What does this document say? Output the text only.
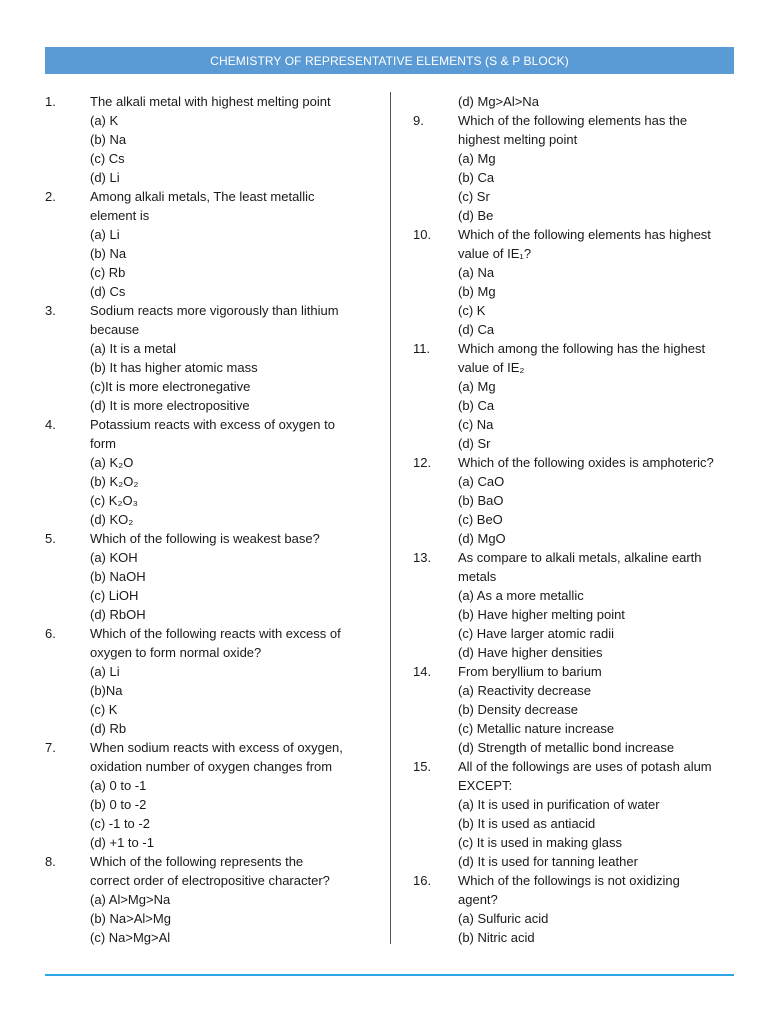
CHEMISTRY OF REPRESENTATIVE ELEMENTS (S & P BLOCK)
1.	The alkali metal with highest melting point
(a) K
(b) Na
(c) Cs
(d) Li
2.	Among alkali metals, The least metallic
element is
(a) Li
(b) Na
(c) Rb
(d) Cs
3.	Sodium reacts more vigorously than lithium
because
(a) It is a metal
(b) It has higher atomic mass
(c)It is more electronegative
(d) It is more electropositive
4.	Potassium reacts with excess of oxygen to
form
(a) K₂O
(b) K₂O₂
(c) K₂O₃
(d) KO₂
5.	Which of the following is weakest base?
(a) KOH
(b) NaOH
(c) LiOH
(d) RbOH
6.	Which of the following reacts with excess of
oxygen to form normal oxide?
(a) Li
(b)Na
(c) K
(d) Rb
7.	When sodium reacts with excess of oxygen,
oxidation number of oxygen changes from
(a) 0 to -1
(b) 0 to -2
(c) -1 to -2
(d) +1 to -1
8.	Which of the following represents the
correct order of electropositive character?
(a) Al>Mg>Na
(b) Na>Al>Mg
(c) Na>Mg>Al
(d) Mg>Al>Na
9.	Which of the following elements has the
highest melting point
(a) Mg
(b) Ca
(c) Sr
(d) Be
10. Which of the following elements has highest
value of IE₁?
(a) Na
(b) Mg
(c) K
(d) Ca
11. Which among the following has the highest
value of IE₂
(a) Mg
(b) Ca
(c) Na
(d) Sr
12. Which of the following oxides is amphoteric?
(a) CaO
(b) BaO
(c) BeO
(d) MgO
13. As compare to alkali metals, alkaline earth
metals
(a) As a more metallic
(b) Have higher melting point
(c) Have larger atomic radii
(d) Have higher densities
14. From beryllium to barium
(a) Reactivity decrease
(b) Density decrease
(c) Metallic nature increase
(d) Strength of metallic bond increase
15. All of the followings are uses of potash alum
EXCEPT:
(a) It is used in purification of water
(b) It is used as antiacid
(c) It is used in making glass
(d) It is used for tanning leather
16. Which of the followings is not oxidizing
agent?
(a) Sulfuric acid
(b) Nitric acid
